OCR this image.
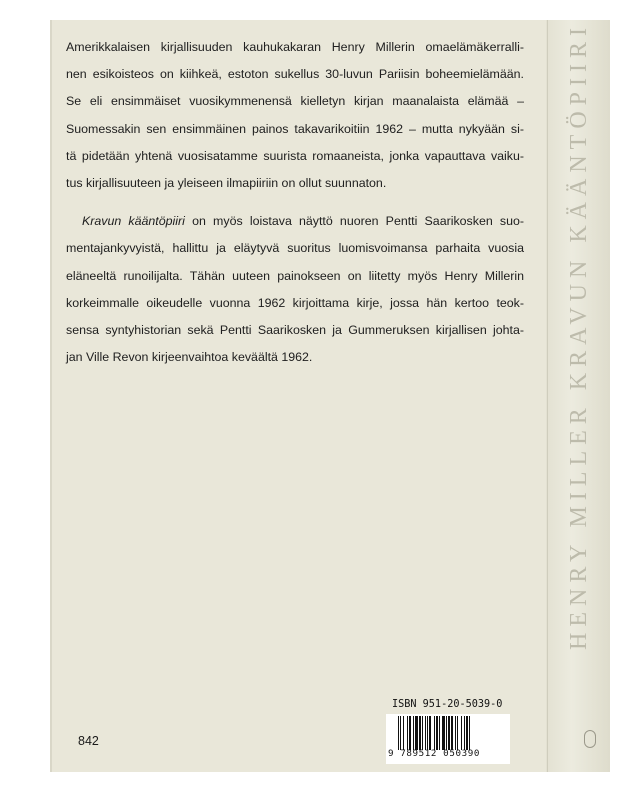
HENRY MILLER KRAVUN KÄÄNTÖPIIRI
Amerikkalaisen kirjallisuuden kauhukakaran Henry Millerin omaelämäkerralli-
nen esikoisteos on kiihkeä, estoton sukellus 30-luvun Pariisin boheemielämään.
Se eli ensimmäiset vuosikymmenensä kielletyn kirjan maanalaista elämää –
Suomessakin sen ensimmäinen painos takavarikoitiin 1962 – mutta nykyään si-
tä pidetään yhtenä vuosisatamme suurista romaaneista, jonka vapauttava vaiku-
tus kirjallisuuteen ja yleiseen ilmapiiriin on ollut suunnaton.
Kravun kääntöpiiri on myös loistava näyttö nuoren Pentti Saarikosken suo-
mentajankyvyistä, hallittu ja eläytyvä suoritus luomisvoimansa parhaita vuosia
eläneeltä runoilijalta. Tähän uuteen painokseen on liitetty myös Henry Millerin
korkeimmalle oikeudelle vuonna 1962 kirjoittama kirje, jossa hän kertoo teok-
sensa syntyhistorian sekä Pentti Saarikosken ja Gummeruksen kirjallisen johta-
jan Ville Revon kirjeenvaihtoa keväältä 1962.
842
ISBN 951-20-5039-0
9 789512 050390
